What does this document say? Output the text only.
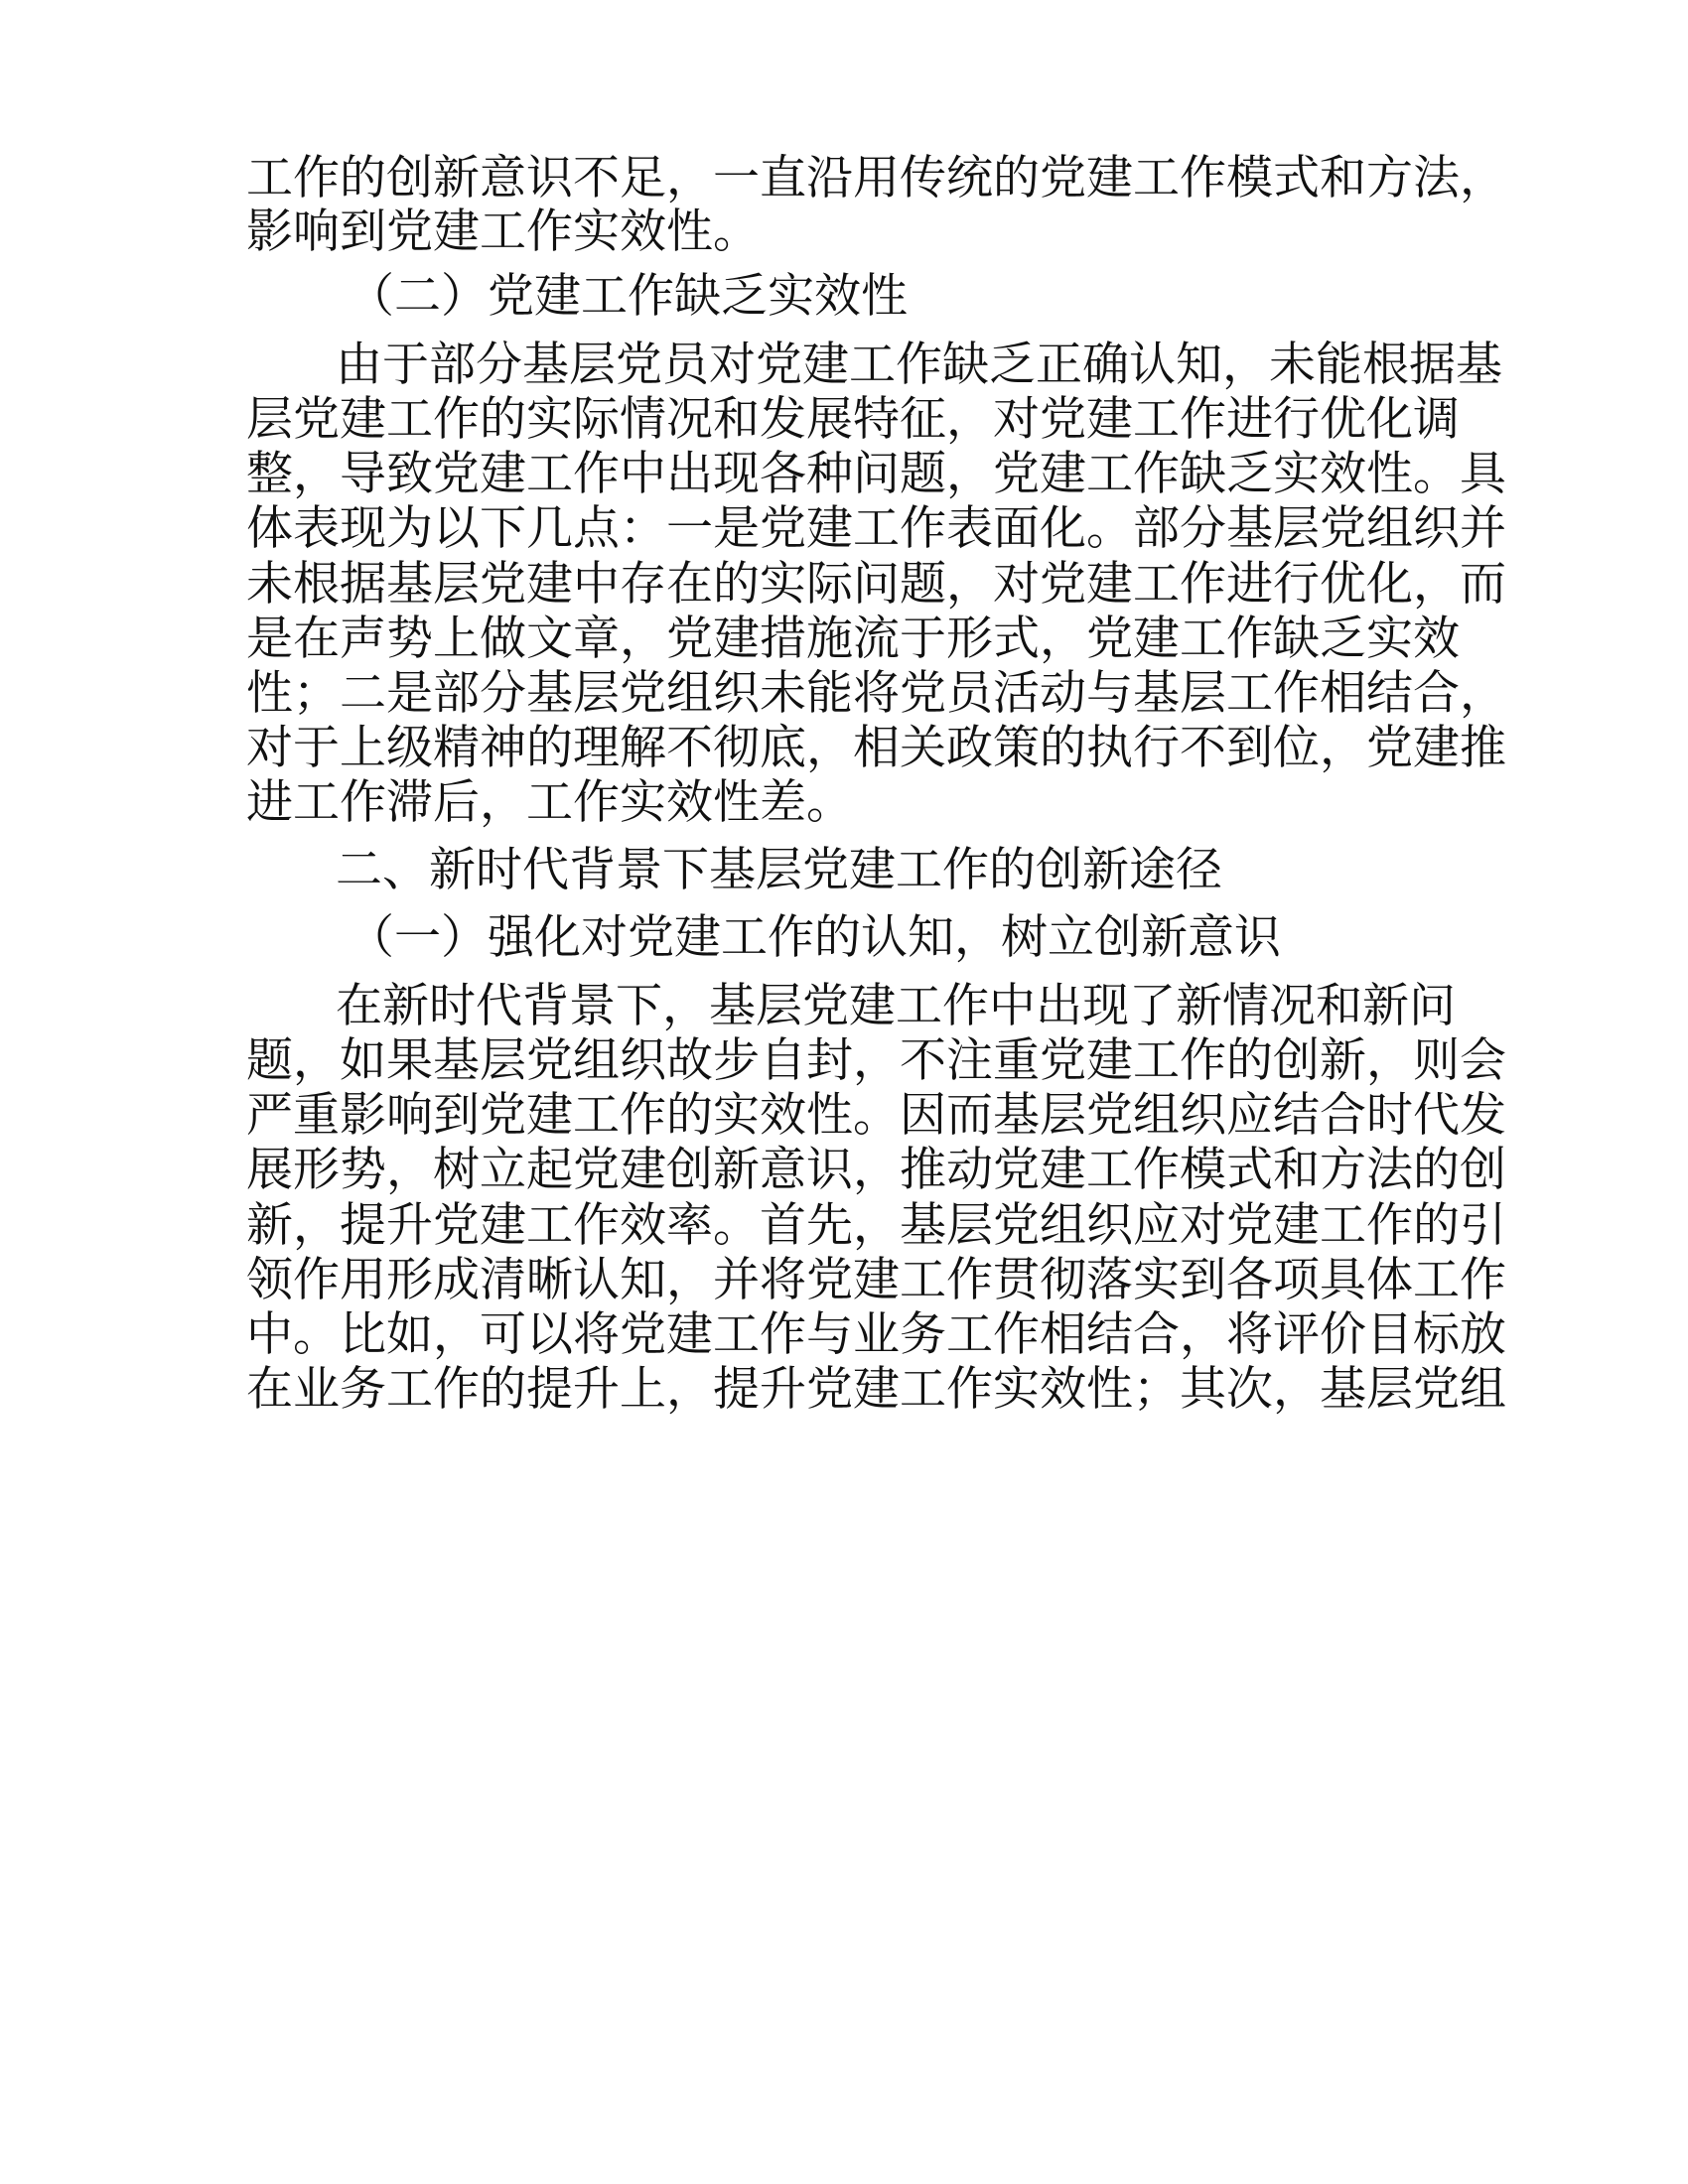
工作的创新意识不足，一直沿用传统的党建工作模式和方法，
影响到党建工作实效性。
（二）党建工作缺乏实效性
由于部分基层党员对党建工作缺乏正确认知，未能根据基
层党建工作的实际情况和发展特征，对党建工作进行优化调
整，导致党建工作中出现各种问题，党建工作缺乏实效性。具
体表现为以下几点：一是党建工作表面化。部分基层党组织并
未根据基层党建中存在的实际问题，对党建工作进行优化，而
是在声势上做文章，党建措施流于形式，党建工作缺乏实效
性；二是部分基层党组织未能将党员活动与基层工作相结合，
对于上级精神的理解不彻底，相关政策的执行不到位，党建推
进工作滞后，工作实效性差。
二、新时代背景下基层党建工作的创新途径
（一）强化对党建工作的认知，树立创新意识
在新时代背景下，基层党建工作中出现了新情况和新问
题，如果基层党组织故步自封，不注重党建工作的创新，则会
严重影响到党建工作的实效性。因而基层党组织应结合时代发
展形势，树立起党建创新意识，推动党建工作模式和方法的创
新，提升党建工作效率。首先，基层党组织应对党建工作的引
领作用形成清晰认知，并将党建工作贯彻落实到各项具体工作
中。比如，可以将党建工作与业务工作相结合，将评价目标放
在业务工作的提升上，提升党建工作实效性；其次，基层党组
